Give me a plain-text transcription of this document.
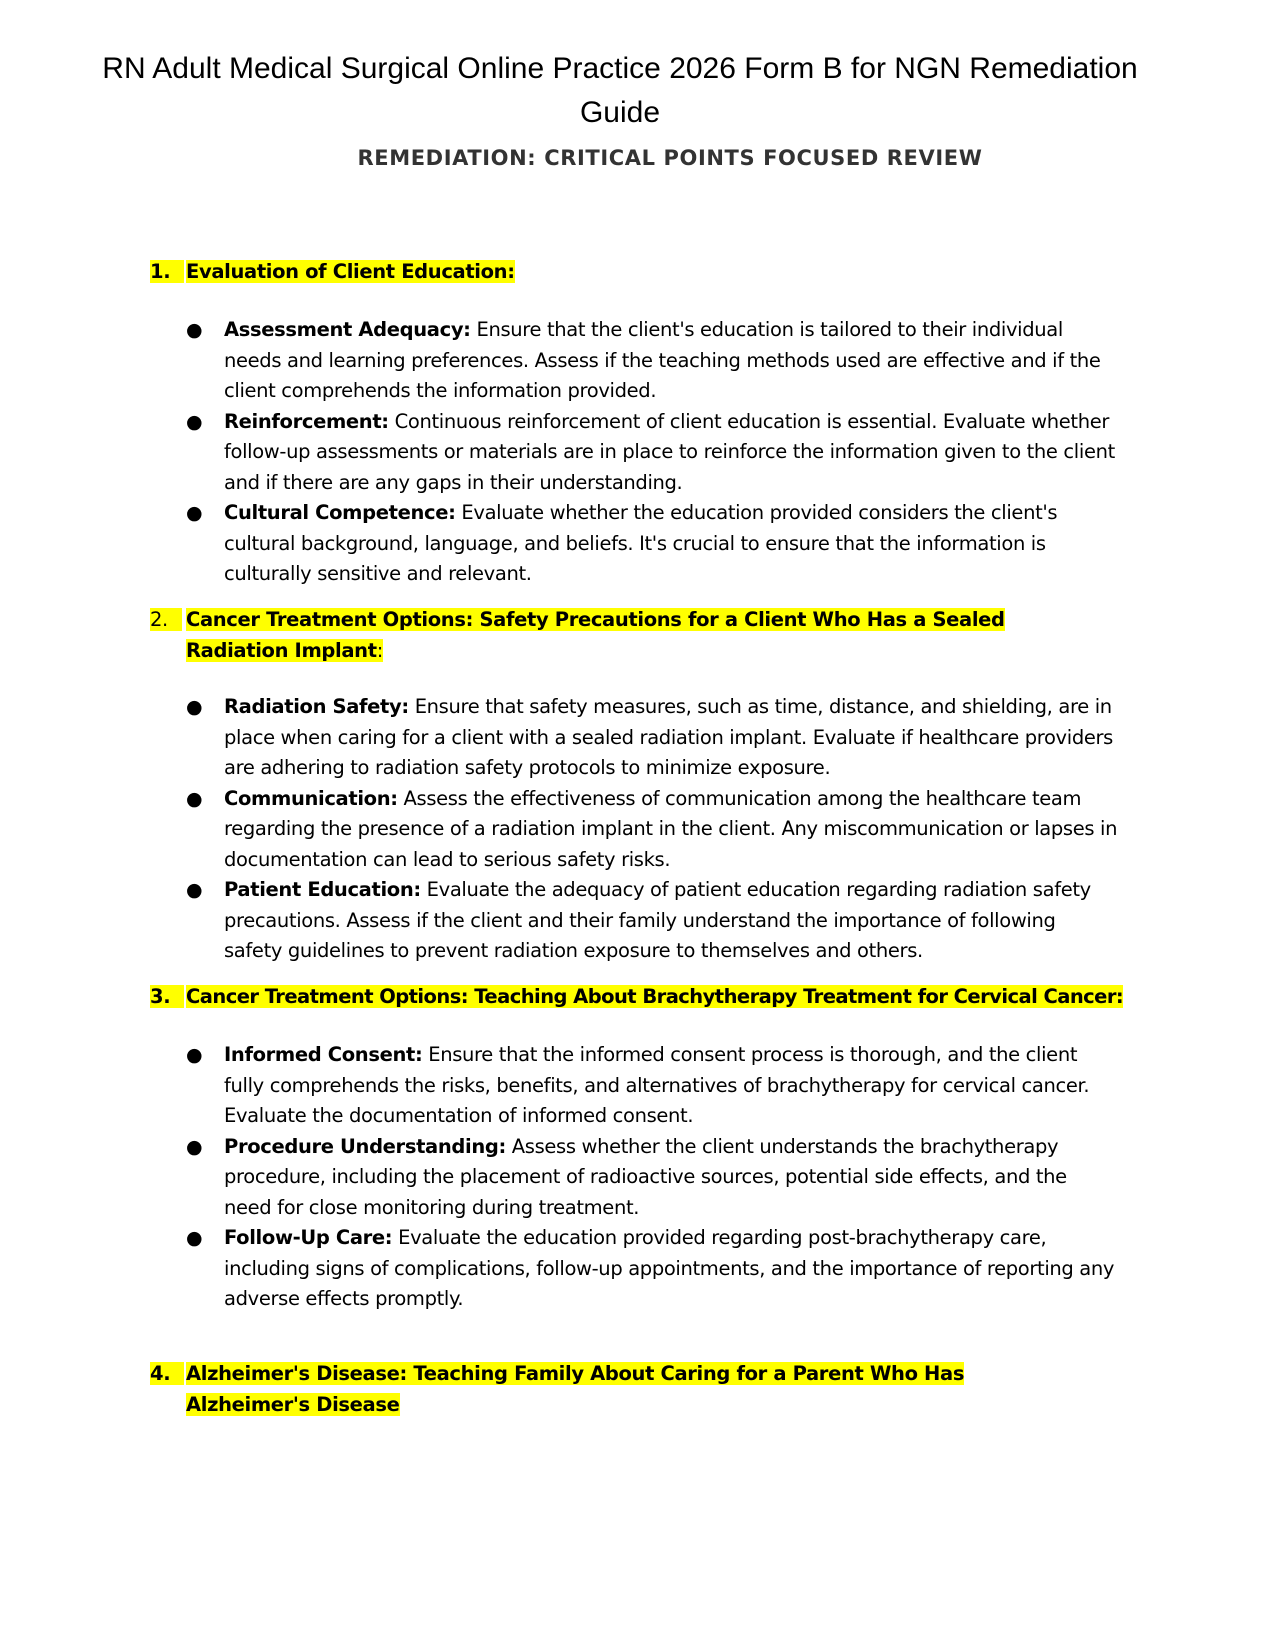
RN Adult Medical Surgical Online Practice 2026 Form B for NGN Remediation Guide
REMEDIATION: CRITICAL POINTS FOCUSED REVIEW
1. Evaluation of Client Education:
● Assessment Adequacy: Ensure that the client's education is tailored to their individual needs and learning preferences. Assess if the teaching methods used are effective and if the client comprehends the information provided.
● Reinforcement: Continuous reinforcement of client education is essential. Evaluate whether follow-up assessments or materials are in place to reinforce the information given to the client and if there are any gaps in their understanding.
● Cultural Competence: Evaluate whether the education provided considers the client's cultural background, language, and beliefs. It's crucial to ensure that the information is culturally sensitive and relevant.
2. Cancer Treatment Options: Safety Precautions for a Client Who Has a Sealed Radiation Implant:
● Radiation Safety: Ensure that safety measures, such as time, distance, and shielding, are in place when caring for a client with a sealed radiation implant. Evaluate if healthcare providers are adhering to radiation safety protocols to minimize exposure.
● Communication: Assess the effectiveness of communication among the healthcare team regarding the presence of a radiation implant in the client. Any miscommunication or lapses in documentation can lead to serious safety risks.
● Patient Education: Evaluate the adequacy of patient education regarding radiation safety precautions. Assess if the client and their family understand the importance of following safety guidelines to prevent radiation exposure to themselves and others.
3. Cancer Treatment Options: Teaching About Brachytherapy Treatment for Cervical Cancer:
● Informed Consent: Ensure that the informed consent process is thorough, and the client fully comprehends the risks, benefits, and alternatives of brachytherapy for cervical cancer. Evaluate the documentation of informed consent.
● Procedure Understanding: Assess whether the client understands the brachytherapy procedure, including the placement of radioactive sources, potential side effects, and the need for close monitoring during treatment.
● Follow-Up Care: Evaluate the education provided regarding post-brachytherapy care, including signs of complications, follow-up appointments, and the importance of reporting any adverse effects promptly.
4. Alzheimer's Disease: Teaching Family About Caring for a Parent Who Has Alzheimer's Disease
